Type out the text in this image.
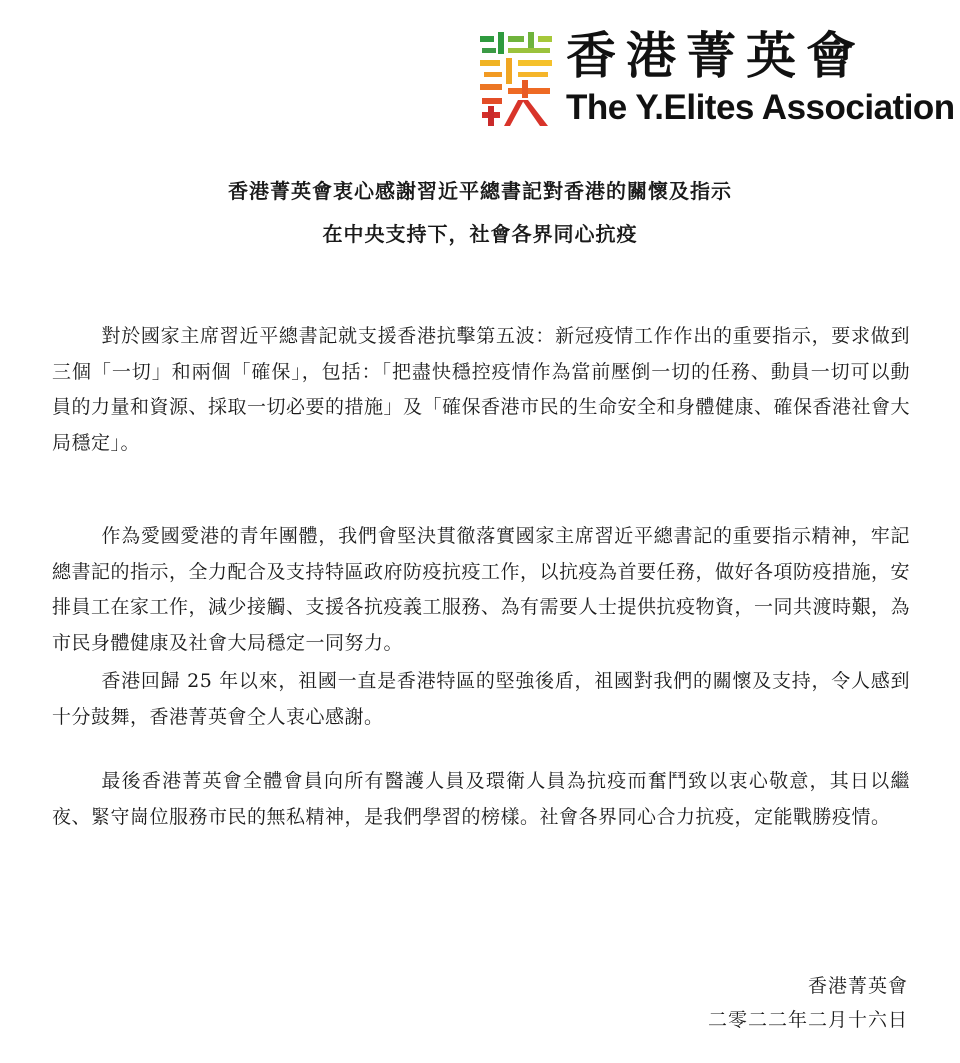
香港菁英會
The Y.Elites Association
香港菁英會衷心感謝習近平總書記對香港的關懷及指示
在中央支持下，社會各界同心抗疫

對於國家主席習近平總書記就支援香港抗擊第五波：新冠疫情工作作出的重要指示，要求做到三個「一切」和兩個「確保」，包括：「把盡快穩控疫情作為當前壓倒一切的任務、動員一切可以動員的力量和資源、採取一切必要的措施」及「確保香港市民的生命安全和身體健康、確保香港社會大局穩定」。

作為愛國愛港的青年團體，我們會堅決貫徹落實國家主席習近平總書記的重要指示精神，牢記總書記的指示，全力配合及支持特區政府防疫抗疫工作，以抗疫為首要任務，做好各項防疫措施，安排員工在家工作，減少接觸、支援各抗疫義工服務、為有需要人士提供抗疫物資，一同共渡時艱，為市民身體健康及社會大局穩定一同努力。

香港回歸 25 年以來，祖國一直是香港特區的堅強後盾，祖國對我們的關懷及支持，令人感到十分鼓舞，香港菁英會仝人衷心感謝。

最後香港菁英會全體會員向所有醫護人員及環衛人員為抗疫而奮鬥致以衷心敬意，其日以繼夜、緊守崗位服務市民的無私精神，是我們學習的榜樣。社會各界同心合力抗疫，定能戰勝疫情。

香港菁英會
二零二二年二月十六日
